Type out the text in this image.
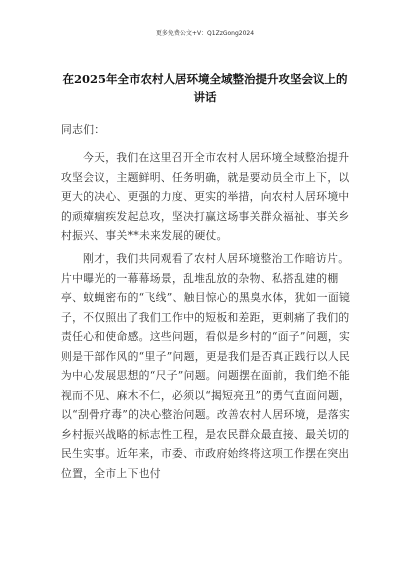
更多免费公文+V：Q1ZzGong2024
在2025年全市农村人居环境全域整治提升攻坚会议上的讲话
同志们：
今天，我们在这里召开全市农村人居环境全域整治提升攻坚会议，主题鲜明、任务明确，就是要动员全市上下，以更大的决心、更强的力度、更实的举措，向农村人居环境中的顽瘴痼疾发起总攻，坚决打赢这场事关群众福祉、事关乡村振兴、事关**未来发展的硬仗。
刚才，我们共同观看了农村人居环境整治工作暗访片。片中曝光的一幕幕场景，乱堆乱放的杂物、私搭乱建的棚亭、蚊蝇密布的“飞线”、触目惊心的黑臭水体，犹如一面镜子，不仅照出了我们工作中的短板和差距，更刺痛了我们的责任心和使命感。这些问题，看似是乡村的“面子”问题，实则是干部作风的“里子”问题，更是我们是否真正践行以人民为中心发展思想的“尺子”问题。问题摆在面前，我们绝不能视而不见、麻木不仁，必须以“揭短亮丑”的勇气直面问题，以“刮骨疗毒”的决心整治问题。改善农村人居环境，是落实乡村振兴战略的标志性工程，是农民群众最直接、最关切的民生实事。近年来，市委、市政府始终将这项工作摆在突出位置，全市上下也付
